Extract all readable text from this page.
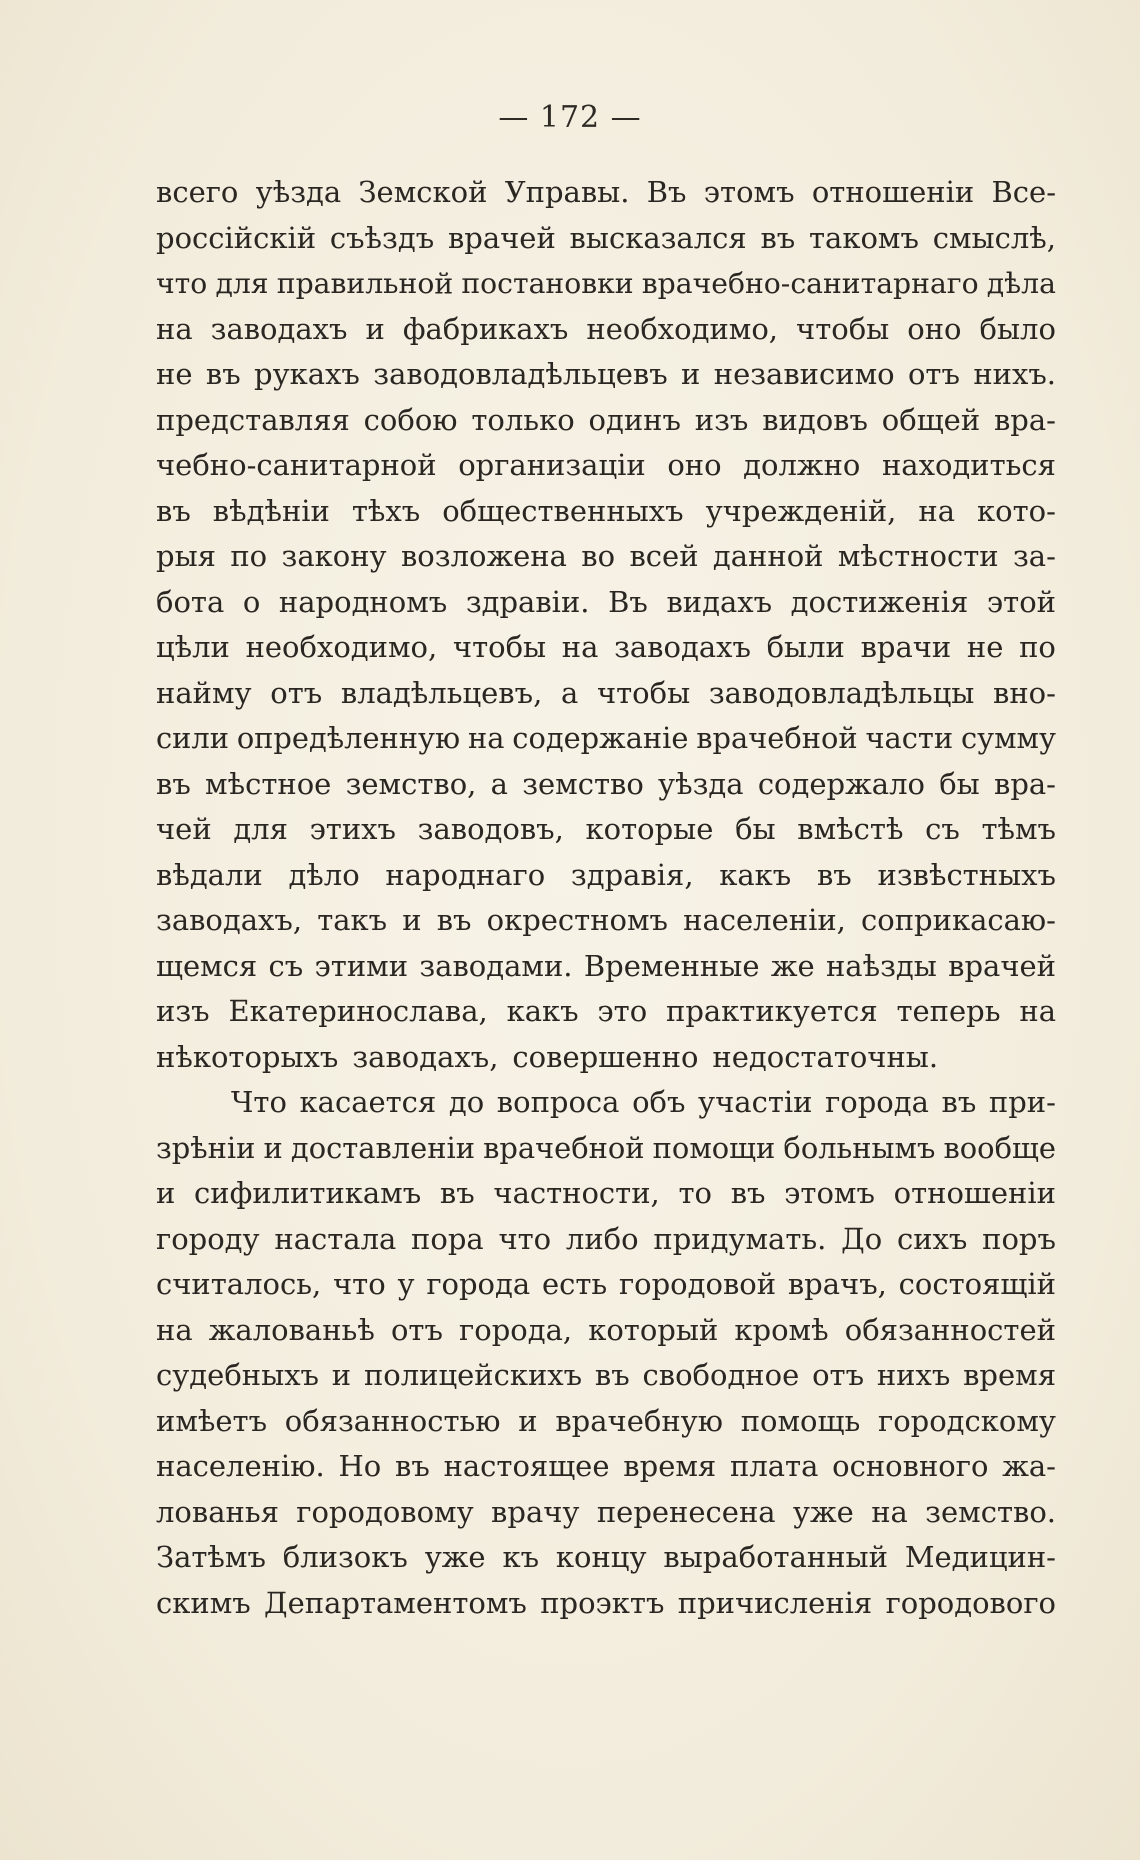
— 172 —
всего уѣзда Земской Управы. Въ этомъ отношенiи Все-
россiйскiй съѣздъ врачей высказался въ такомъ смыслѣ,
что для правильной постановки врачебно-санитарнаго дѣла
на заводахъ и фабрикахъ необходимо, чтобы оно было
не въ рукахъ заводовладѣльцевъ и независимо отъ нихъ.
представляя собою только одинъ изъ видовъ общей вра-
чебно-санитарной организацiи оно должно находиться
въ вѣдѣнiи тѣхъ общественныхъ учрежденiй, на кото-
рыя по закону возложена во всей данной мѣстности за-
бота о народномъ здравiи. Въ видахъ достиженiя этой
цѣли необходимо, чтобы на заводахъ были врачи не по
найму отъ владѣльцевъ, а чтобы заводовладѣльцы вно-
сили опредѣленную на содержанiе врачебной части сумму
въ мѣстное земство, а земство уѣзда содержало бы вра-
чей для этихъ заводовъ, которые бы вмѣстѣ съ тѣмъ
вѣдали дѣло народнаго здравiя, какъ въ извѣстныхъ
заводахъ, такъ и въ окрестномъ населенiи, соприкасаю-
щемся съ этими заводами. Временные же наѣзды врачей
изъ Екатеринослава, какъ это практикуется теперь на
нѣкоторыхъ заводахъ, совершенно недостаточны.
Что касается до вопроса объ участiи города въ при-
зрѣнiи и доставленiи врачебной помощи больнымъ вообще
и сифилитикамъ въ частности, то въ этомъ отношенiи
городу настала пора что либо придумать. До сихъ поръ
считалось, что у города есть городовой врачъ, состоящiй
на жалованьѣ отъ города, который кромѣ обязанностей
судебныхъ и полицейскихъ въ свободное отъ нихъ время
имѣетъ обязанностью и врачебную помощь городскому
населенiю. Но въ настоящее время плата основного жа-
лованья городовому врачу перенесена уже на земство.
Затѣмъ близокъ уже къ концу выработанный Медицин-
скимъ Департаментомъ проэктъ причисленiя городового
